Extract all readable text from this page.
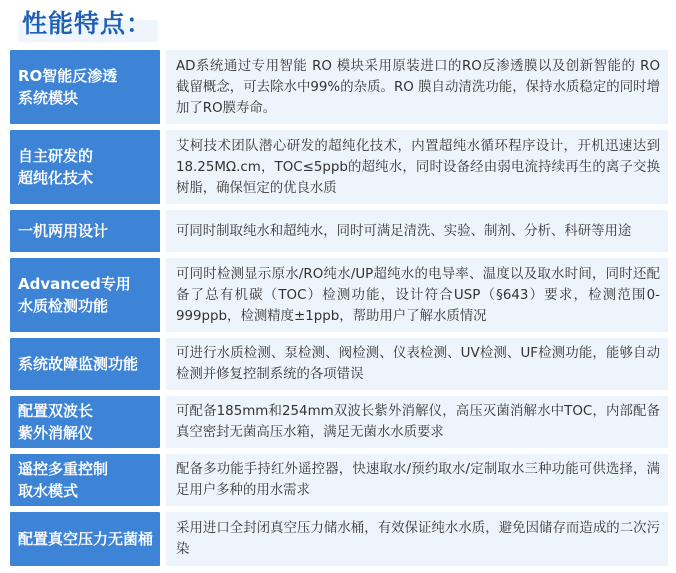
性能特点：
RO智能反渗透
系统模块
AD系统通过专用智能 RO 模块采用原装进口的RO反渗透膜以及创新智能的 RO 截留概念，可去除水中99%的杂质。RO 膜自动清洗功能，保持水质稳定的同时增加了RO膜寿命。
自主研发的
超纯化技术
艾柯技术团队潜心研发的超纯化技术，内置超纯水循环程序设计，开机迅速达到18.25MΩ.cm，TOC≤5ppb的超纯水，同时设备经由弱电流持续再生的离子交换树脂，确保恒定的优良水质
一机两用设计	可同时制取纯水和超纯水，同时可满足清洗、实验、制剂、分析、科研等用途
Advanced专用
水质检测功能
可同时检测显示原水/RO纯水/UP超纯水的电导率、温度以及取水时间，同时还配备了总有机碳（TOC）检测功能，设计符合USP（§643）要求，检测范围0-999ppb，检测精度±1ppb，帮助用户了解水质情况
系统故障监测功能
可进行水质检测、泵检测、阀检测、仪表检测、UV检测、UF检测功能，能够自动检测并修复控制系统的各项错误
配置双波长
紫外消解仪
可配备185mm和254mm双波长紫外消解仪，高压灭菌消解水中TOC，内部配备真空密封无菌高压水箱，满足无菌水水质要求
遥控多重控制
取水模式
配备多功能手持红外遥控器，快速取水/预约取水/定制取水三种功能可供选择，满足用户多种的用水需求
配置真空压力无菌桶
采用进口全封闭真空压力储水桶，有效保证纯水水质，避免因储存而造成的二次污染
